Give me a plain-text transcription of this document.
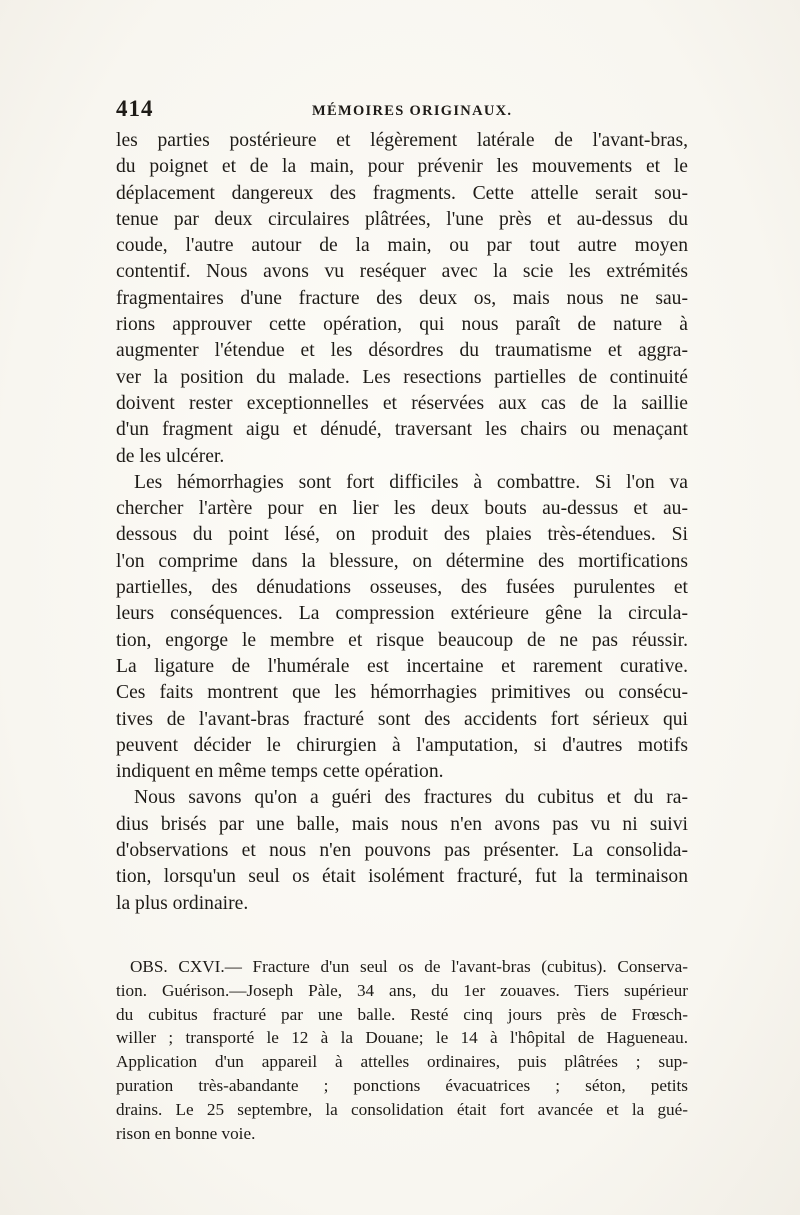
414	MÉMOIRES ORIGINAUX.
les parties postérieure et légèrement latérale de l'avant-bras,
du poignet et de la main, pour prévenir les mouvements et le
déplacement dangereux des fragments. Cette attelle serait sou-
tenue par deux circulaires plâtrées, l'une près et au-dessus du
coude, l'autre autour de la main, ou par tout autre moyen
contentif. Nous avons vu reséquer avec la scie les extrémités
fragmentaires d'une fracture des deux os, mais nous ne sau-
rions approuver cette opération, qui nous paraît de nature à
augmenter l'étendue et les désordres du traumatisme et aggra-
ver la position du malade. Les resections partielles de continuité
doivent rester exceptionnelles et réservées aux cas de la saillie
d'un fragment aigu et dénudé, traversant les chairs ou menaçant
de les ulcérer.
Les hémorrhagies sont fort difficiles à combattre. Si l'on va
chercher l'artère pour en lier les deux bouts au-dessus et au-
dessous du point lésé, on produit des plaies très-étendues. Si
l'on comprime dans la blessure, on détermine des mortifications
partielles, des dénudations osseuses, des fusées purulentes et
leurs conséquences. La compression extérieure gêne la circula-
tion, engorge le membre et risque beaucoup de ne pas réussir.
La ligature de l'humérale est incertaine et rarement curative.
Ces faits montrent que les hémorrhagies primitives ou consécu-
tives de l'avant-bras fracturé sont des accidents fort sérieux qui
peuvent décider le chirurgien à l'amputation, si d'autres motifs
indiquent en même temps cette opération.
Nous savons qu'on a guéri des fractures du cubitus et du ra-
dius brisés par une balle, mais nous n'en avons pas vu ni suivi
d'observations et nous n'en pouvons pas présenter. La consolida-
tion, lorsqu'un seul os était isolément fracturé, fut la terminaison
la plus ordinaire.
OBS. CXVI.— Fracture d'un seul os de l'avant-bras (cubitus). Conserva-
tion. Guérison.—Joseph Pàle, 34 ans, du 1er zouaves. Tiers supérieur
du cubitus fracturé par une balle. Resté cinq jours près de Frœsch-
willer ; transporté le 12 à la Douane; le 14 à l'hôpital de Hagueneau.
Application d'un appareil à attelles ordinaires, puis plâtrées ; sup-
puration très-abandante ; ponctions évacuatrices ; séton, petits
drains. Le 25 septembre, la consolidation était fort avancée et la gué-
rison en bonne voie.
